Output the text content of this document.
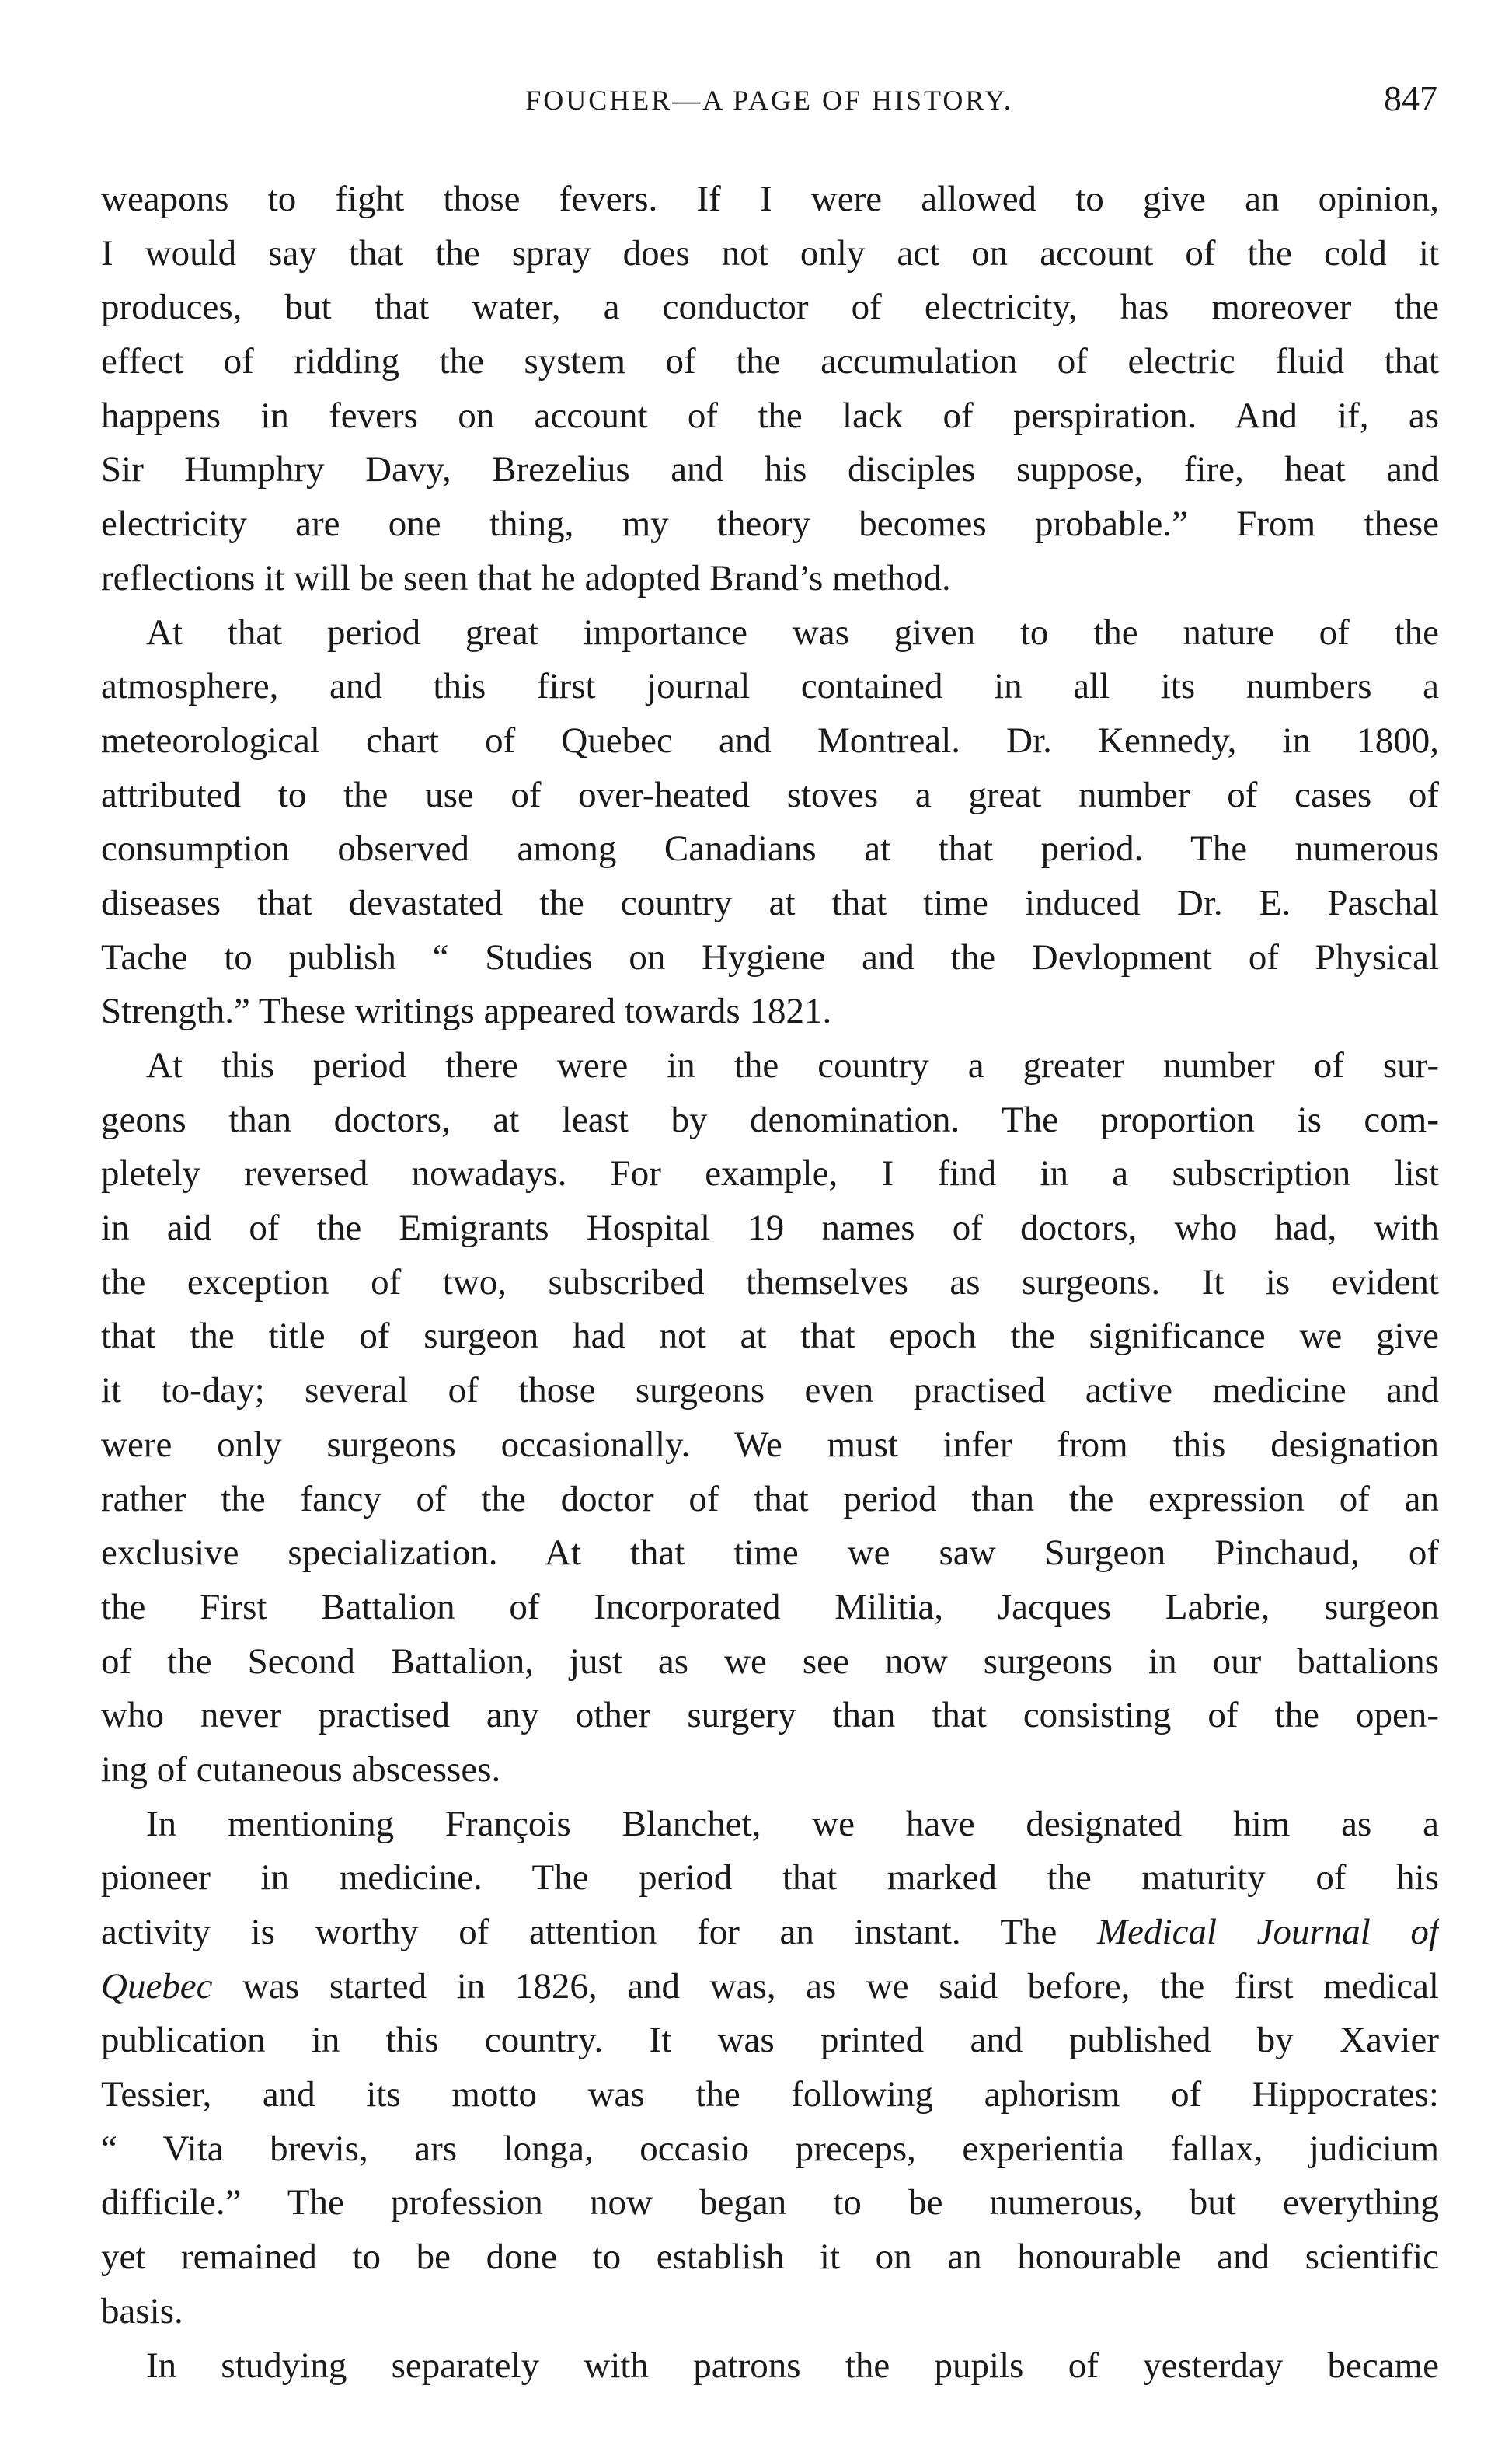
FOUCHER—A PAGE OF HISTORY.	847
weapons to fight those fevers. If I were allowed to give an opinion,
I would say that the spray does not only act on account of the cold it
produces, but that water, a conductor of electricity, has moreover the
effect of ridding the system of the accumulation of electric fluid that
happens in fevers on account of the lack of perspiration. And if, as
Sir Humphry Davy, Brezelius and his disciples suppose, fire, heat and
electricity are one thing, my theory becomes probable.” From these
reflections it will be seen that he adopted Brand’s method.
At that period great importance was given to the nature of the
atmosphere, and this first journal contained in all its numbers a
meteorological chart of Quebec and Montreal. Dr. Kennedy, in 1800,
attributed to the use of over-heated stoves a great number of cases of
consumption observed among Canadians at that period. The numerous
diseases that devastated the country at that time induced Dr. E. Paschal
Tache to publish “ Studies on Hygiene and the Devlopment of Physical
Strength.” These writings appeared towards 1821.
At this period there were in the country a greater number of sur-
geons than doctors, at least by denomination. The proportion is com-
pletely reversed nowadays. For example, I find in a subscription list
in aid of the Emigrants Hospital 19 names of doctors, who had, with
the exception of two, subscribed themselves as surgeons. It is evident
that the title of surgeon had not at that epoch the significance we give
it to-day; several of those surgeons even practised active medicine and
were only surgeons occasionally. We must infer from this designation
rather the fancy of the doctor of that period than the expression of an
exclusive specialization. At that time we saw Surgeon Pinchaud, of
the First Battalion of Incorporated Militia, Jacques Labrie, surgeon
of the Second Battalion, just as we see now surgeons in our battalions
who never practised any other surgery than that consisting of the open-
ing of cutaneous abscesses.
In mentioning François Blanchet, we have designated him as a
pioneer in medicine. The period that marked the maturity of his
activity is worthy of attention for an instant. The Medical Journal of
Quebec was started in 1826, and was, as we said before, the first medical
publication in this country. It was printed and published by Xavier
Tessier, and its motto was the following aphorism of Hippocrates:
“ Vita brevis, ars longa, occasio preceps, experientia fallax, judicium
difficile.” The profession now began to be numerous, but everything
yet remained to be done to establish it on an honourable and scientific
basis.
In studying separately with patrons the pupils of yesterday became
